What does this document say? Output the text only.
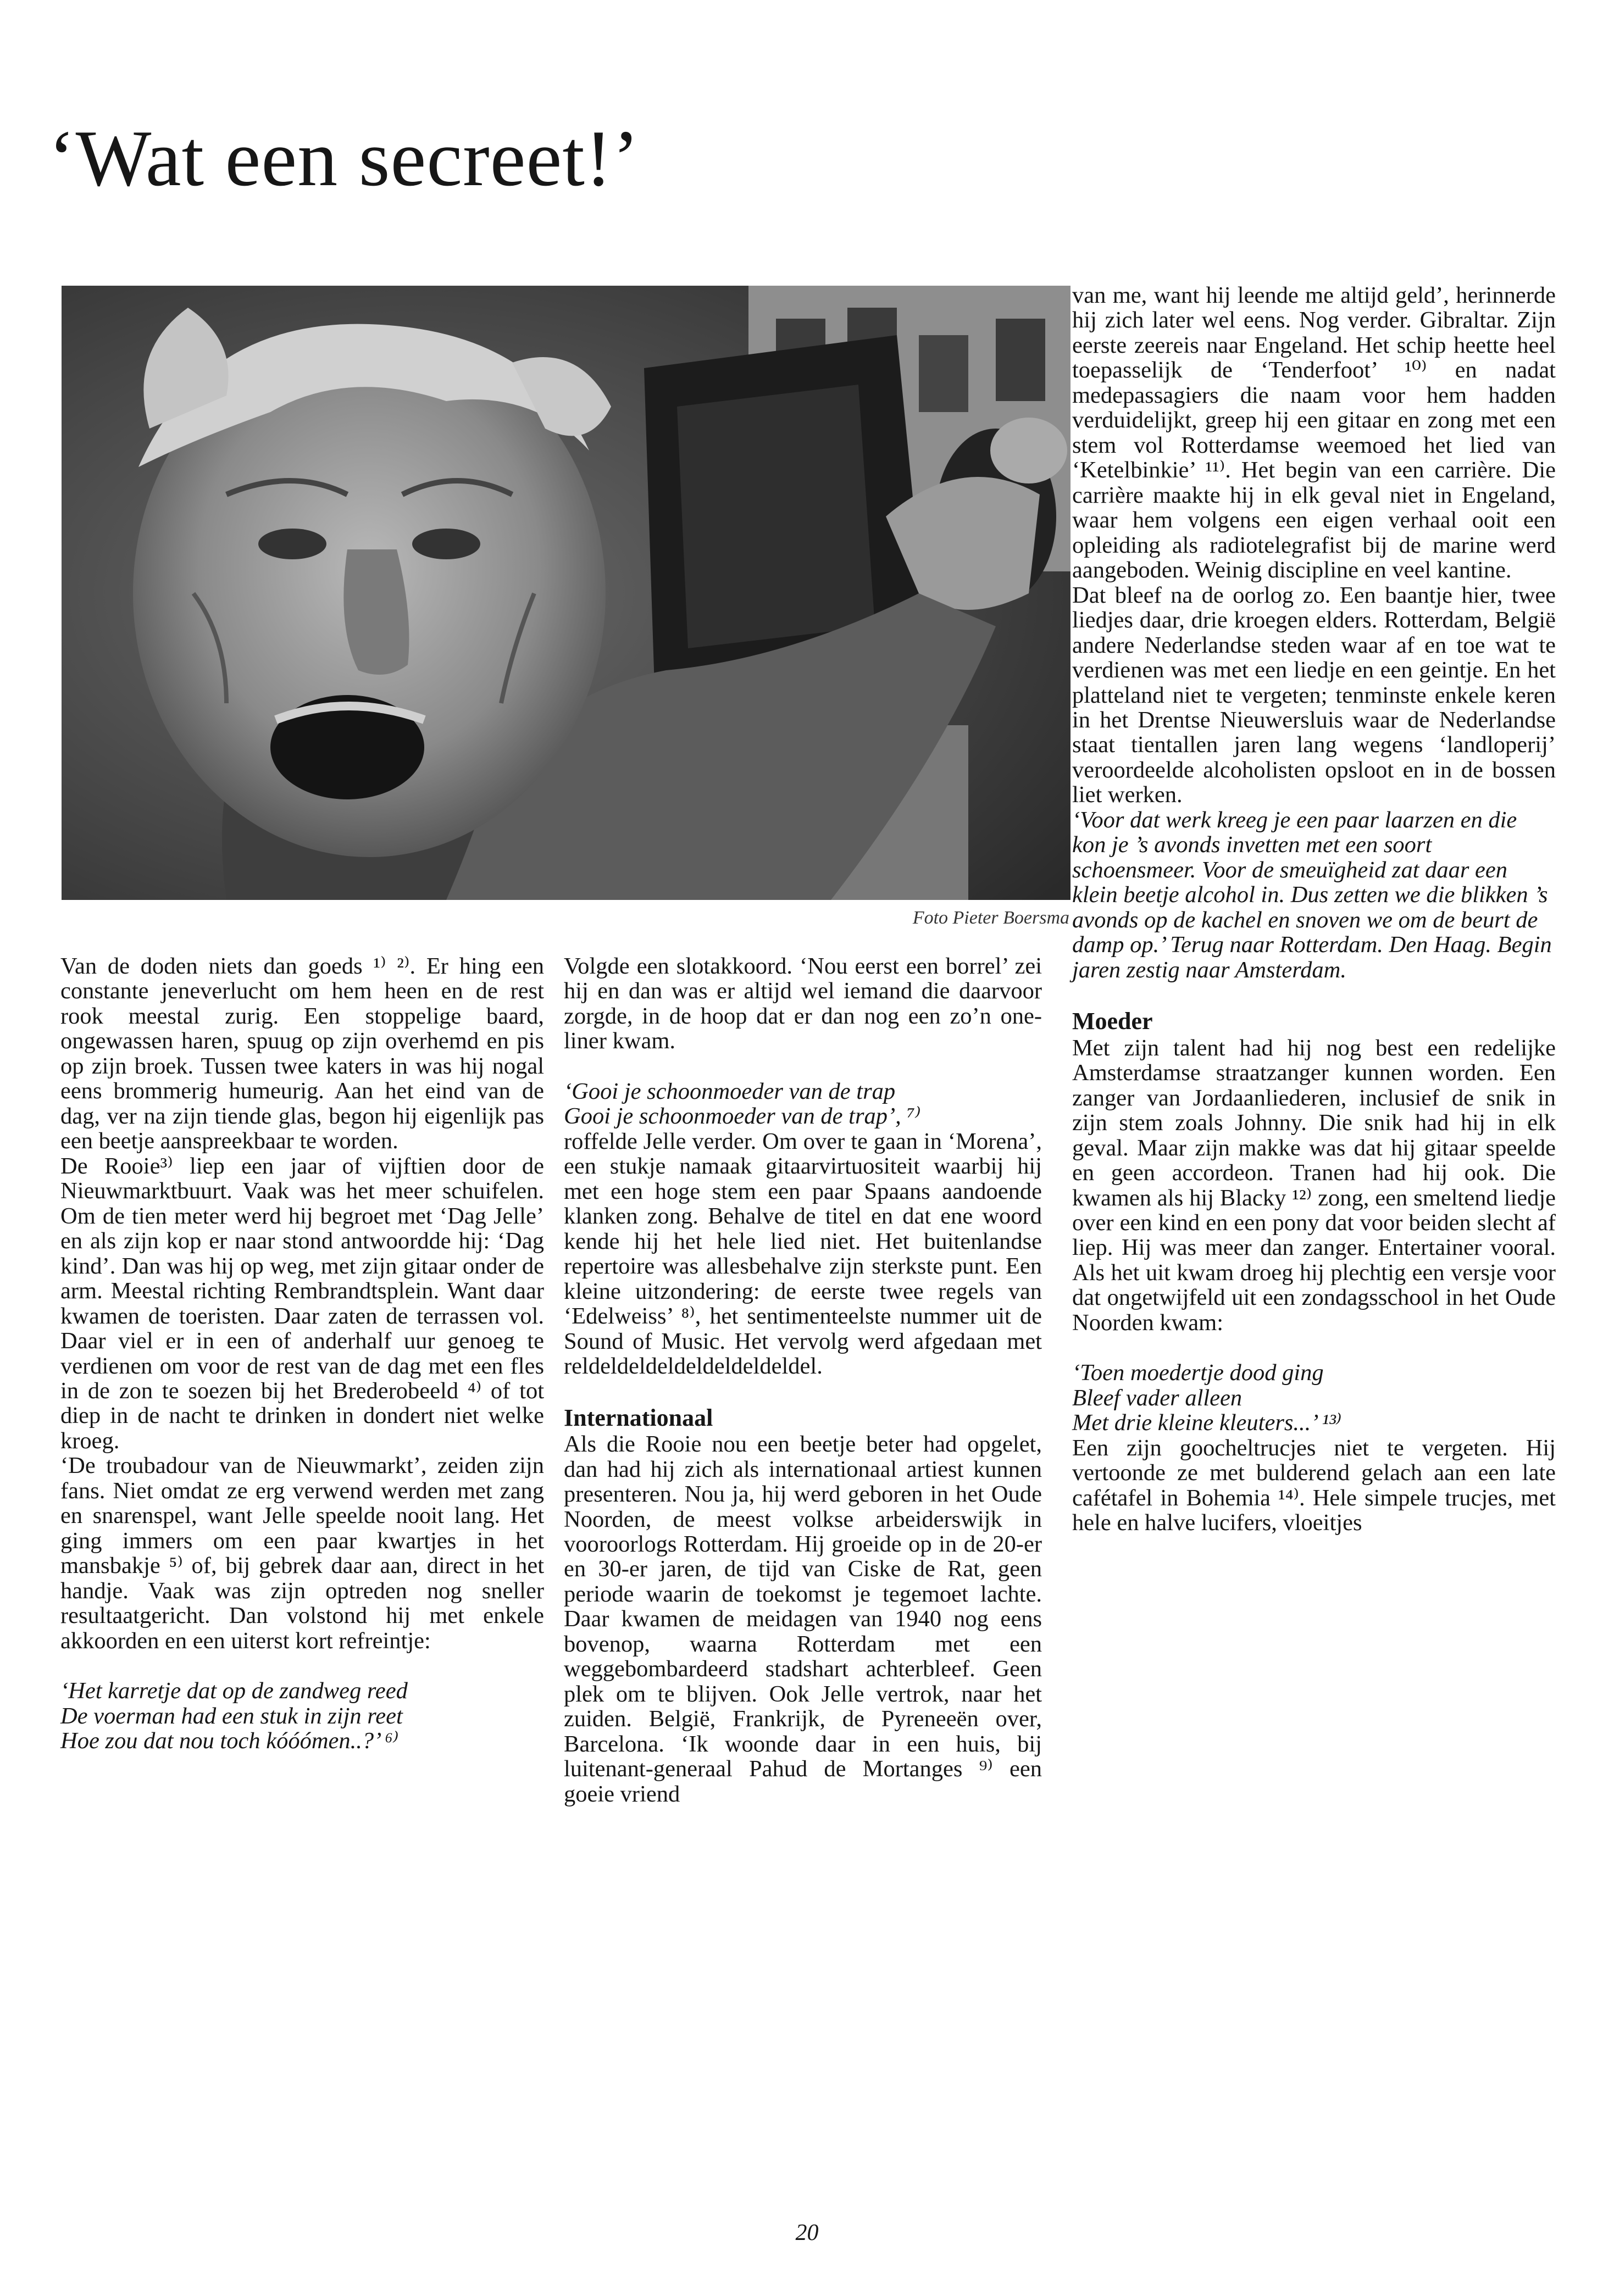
‘Wat een secreet!’
Foto Pieter Boersma

Van de doden niets dan goeds ¹⁾ ²⁾. Er hing een constante jeneverlucht om hem heen en de rest rook meestal zurig. Een stoppelige baard, ongewassen haren, spuug op zijn overhemd en pis op zijn broek. Tussen twee katers in was hij nogal eens brommerig humeurig. Aan het eind van de dag, ver na zijn tiende glas, begon hij eigenlijk pas een beetje aanspreekbaar te worden.

De Rooie³⁾ liep een jaar of vijftien door de Nieuwmarktbuurt. Vaak was het meer schuifelen. Om de tien meter werd hij begroet met ‘Dag Jelle’ en als zijn kop er naar stond antwoordde hij: ‘Dag kind’. Dan was hij op weg, met zijn gitaar onder de arm. Meestal richting Rembrandtsplein. Want daar kwamen de toeristen. Daar zaten de terrassen vol. Daar viel er in een of anderhalf uur genoeg te verdienen om voor de rest van de dag met een fles in de zon te soezen bij het Brederobeeld ⁴⁾ of tot diep in de nacht te drinken in dondert niet welke kroeg.

‘De troubadour van de Nieuwmarkt’, zeiden zijn fans. Niet omdat ze erg verwend werden met zang en snarenspel, want Jelle speelde nooit lang. Het ging immers om een paar kwartjes in het mansbakje ⁵⁾ of, bij gebrek daar aan, direct in het handje. Vaak was zijn optreden nog sneller resultaatgericht. Dan volstond hij met enkele akkoorden en een uiterst kort refreintje:

‘Het karretje dat op de zandweg reed
De voerman had een stuk in zijn reet
Hoe zou dat nou toch kóóómen..?’ ⁶⁾

Volgde een slotakkoord. ‘Nou eerst een borrel’ zei hij en dan was er altijd wel iemand die daarvoor zorgde, in de hoop dat er dan nog een zo’n one-liner kwam.

‘Gooi je schoonmoeder van de trap
Gooi je schoonmoeder van de trap’, ⁷⁾

roffelde Jelle verder. Om over te gaan in ‘Morena’, een stukje namaak gitaarvirtuositeit waarbij hij met een hoge stem een paar Spaans aandoende klanken zong. Behalve de titel en dat ene woord kende hij het hele lied niet. Het buitenlandse repertoire was allesbehalve zijn sterkste punt. Een kleine uitzondering: de eerste twee regels van ‘Edelweiss’ ⁸⁾, het sentimenteelste nummer uit de Sound of Music. Het vervolg werd afgedaan met reldeldeldeldeldeldeldeldel.

Internationaal

Als die Rooie nou een beetje beter had opgelet, dan had hij zich als internationaal artiest kunnen presenteren. Nou ja, hij werd geboren in het Oude Noorden, de meest volkse arbeiderswijk in vooroorlogs Rotterdam. Hij groeide op in de 20-er en 30-er jaren, de tijd van Ciske de Rat, geen periode waarin de toekomst je tegemoet lachte. Daar kwamen de meidagen van 1940 nog eens bovenop, waarna Rotterdam met een weggebombardeerd stadshart achterbleef. Geen plek om te blijven. Ook Jelle vertrok, naar het zuiden. België, Frankrijk, de Pyreneeën over, Barcelona. ‘Ik woonde daar in een huis, bij luitenant-generaal Pahud de Mortanges ⁹⁾ een goeie vriend

van me, want hij leende me altijd geld’, herinnerde hij zich later wel eens. Nog verder. Gibraltar. Zijn eerste zeereis naar Engeland. Het schip heette heel toepasselijk de ‘Tenderfoot’ ¹⁰⁾ en nadat medepassagiers die naam voor hem hadden verduidelijkt, greep hij een gitaar en zong met een stem vol Rotterdamse weemoed het lied van ‘Ketelbinkie’ ¹¹⁾. Het begin van een carrière. Die carrière maakte hij in elk geval niet in Engeland, waar hem volgens een eigen verhaal ooit een opleiding als radiotelegrafist bij de marine werd aangeboden. Weinig discipline en veel kantine.

Dat bleef na de oorlog zo. Een baantje hier, twee liedjes daar, drie kroegen elders. Rotterdam, België andere Nederlandse steden waar af en toe wat te verdienen was met een liedje en een geintje. En het platteland niet te vergeten; tenminste enkele keren in het Drentse Nieuwersluis waar de Nederlandse staat tientallen jaren lang wegens ‘landloperij’ veroordeelde alcoholisten opsloot en in de bossen liet werken.

‘Voor dat werk kreeg je een paar laarzen en die kon je ’s avonds invetten met een soort schoensmeer. Voor de smeuïgheid zat daar een klein beetje alcohol in. Dus zetten we die blikken ’s avonds op de kachel en snoven we om de beurt de damp op.’ Terug naar Rotterdam. Den Haag. Begin jaren zestig naar Amsterdam.

Moeder

Met zijn talent had hij nog best een redelijke Amsterdamse straatzanger kunnen worden. Een zanger van Jordaanliederen, inclusief de snik in zijn stem zoals Johnny. Die snik had hij in elk geval. Maar zijn makke was dat hij gitaar speelde en geen accordeon. Tranen had hij ook. Die kwamen als hij Blacky ¹²⁾ zong, een smeltend liedje over een kind en een pony dat voor beiden slecht af liep. Hij was meer dan zanger. Entertainer vooral. Als het uit kwam droeg hij plechtig een versje voor dat ongetwijfeld uit een zondagsschool in het Oude Noorden kwam:

‘Toen moedertje dood ging
Bleef vader alleen
Met drie kleine kleuters...’ ¹³⁾

Een zijn goocheltrucjes niet te vergeten. Hij vertoonde ze met bulderend gelach aan een late cafétafel in Bohemia ¹⁴⁾. Hele simpele trucjes, met hele en halve lucifers, vloeitjes

20
